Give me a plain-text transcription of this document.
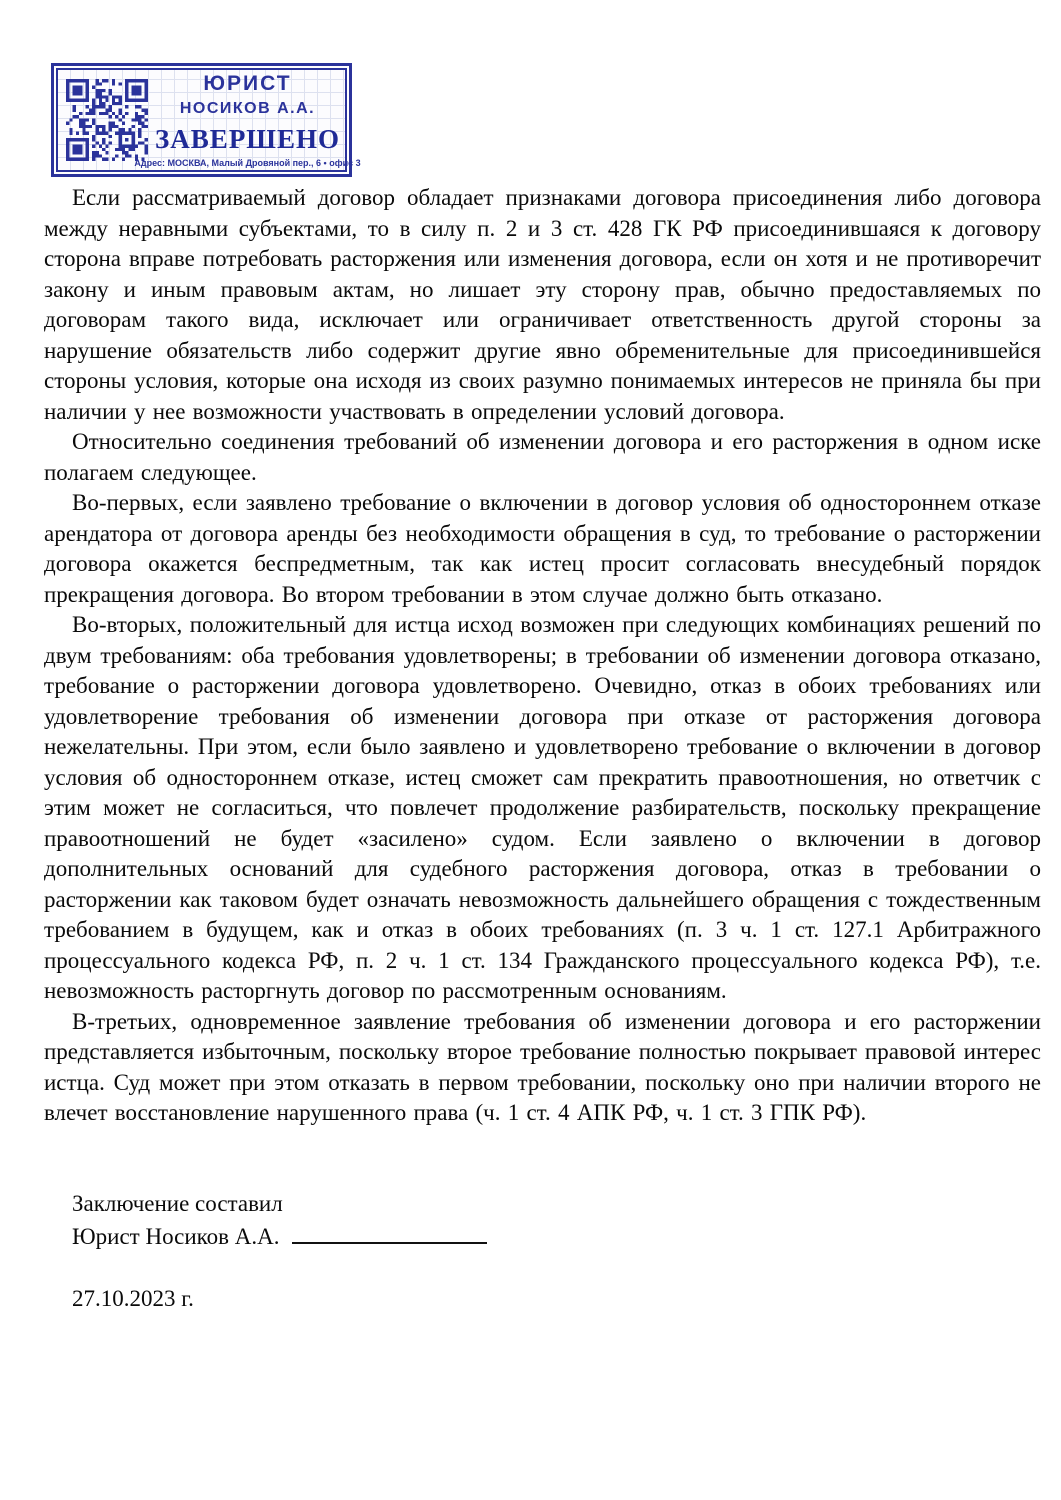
ЮРИСТ
НОСИКОВ А.А.
ЗАВЕРШЕНО
Адрес: МОСКВА, Малый Дровяной пер., 6 • офис 3

Если рассматриваемый договор обладает признаками договора присоединения либо договора между неравными субъектами, то в силу п. 2 и 3 ст. 428 ГК РФ присоединившаяся к договору сторона вправе потребовать расторжения или изменения договора, если он хотя и не противоречит закону и иным правовым актам, но лишает эту сторону прав, обычно предоставляемых по договорам такого вида, исключает или ограничивает ответственность другой стороны за нарушение обязательств либо содержит другие явно обременительные для присоединившейся стороны условия, которые она исходя из своих разумно понимаемых интересов не приняла бы при наличии у нее возможности участвовать в определении условий договора.

Относительно соединения требований об изменении договора и его расторжения в одном иске полагаем следующее.

Во-первых, если заявлено требование о включении в договор условия об одностороннем отказе арендатора от договора аренды без необходимости обращения в суд, то требование о расторжении договора окажется беспредметным, так как истец просит согласовать внесудебный порядок прекращения договора. Во втором требовании в этом случае должно быть отказано.

Во-вторых, положительный для истца исход возможен при следующих комбинациях решений по двум требованиям: оба требования удовлетворены; в требовании об изменении договора отказано, требование о расторжении договора удовлетворено. Очевидно, отказ в обоих требованиях или удовлетворение требования об изменении договора при отказе от расторжения договора нежелательны. При этом, если было заявлено и удовлетворено требование о включении в договор условия об одностороннем отказе, истец сможет сам прекратить правоотношения, но ответчик с этим может не согласиться, что повлечет продолжение разбирательств, поскольку прекращение правоотношений не будет «засилено» судом. Если заявлено о включении в договор дополнительных оснований для судебного расторжения договора, отказ в требовании о расторжении как таковом будет означать невозможность дальнейшего обращения с тождественным требованием в будущем, как и отказ в обоих требованиях (п. 3 ч. 1 ст. 127.1 Арбитражного процессуального кодекса РФ, п. 2 ч. 1 ст. 134 Гражданского процессуального кодекса РФ), т.е. невозможность расторгнуть договор по рассмотренным основаниям.

В-третьих, одновременное заявление требования об изменении договора и его расторжении представляется избыточным, поскольку второе требование полностью покрывает правовой интерес истца. Суд может при этом отказать в первом требовании, поскольку оно при наличии второго не влечет восстановление нарушенного права (ч. 1 ст. 4 АПК РФ, ч. 1 ст. 3 ГПК РФ).

Заключение составил
Юрист Носиков А.А.
27.10.2023 г.
